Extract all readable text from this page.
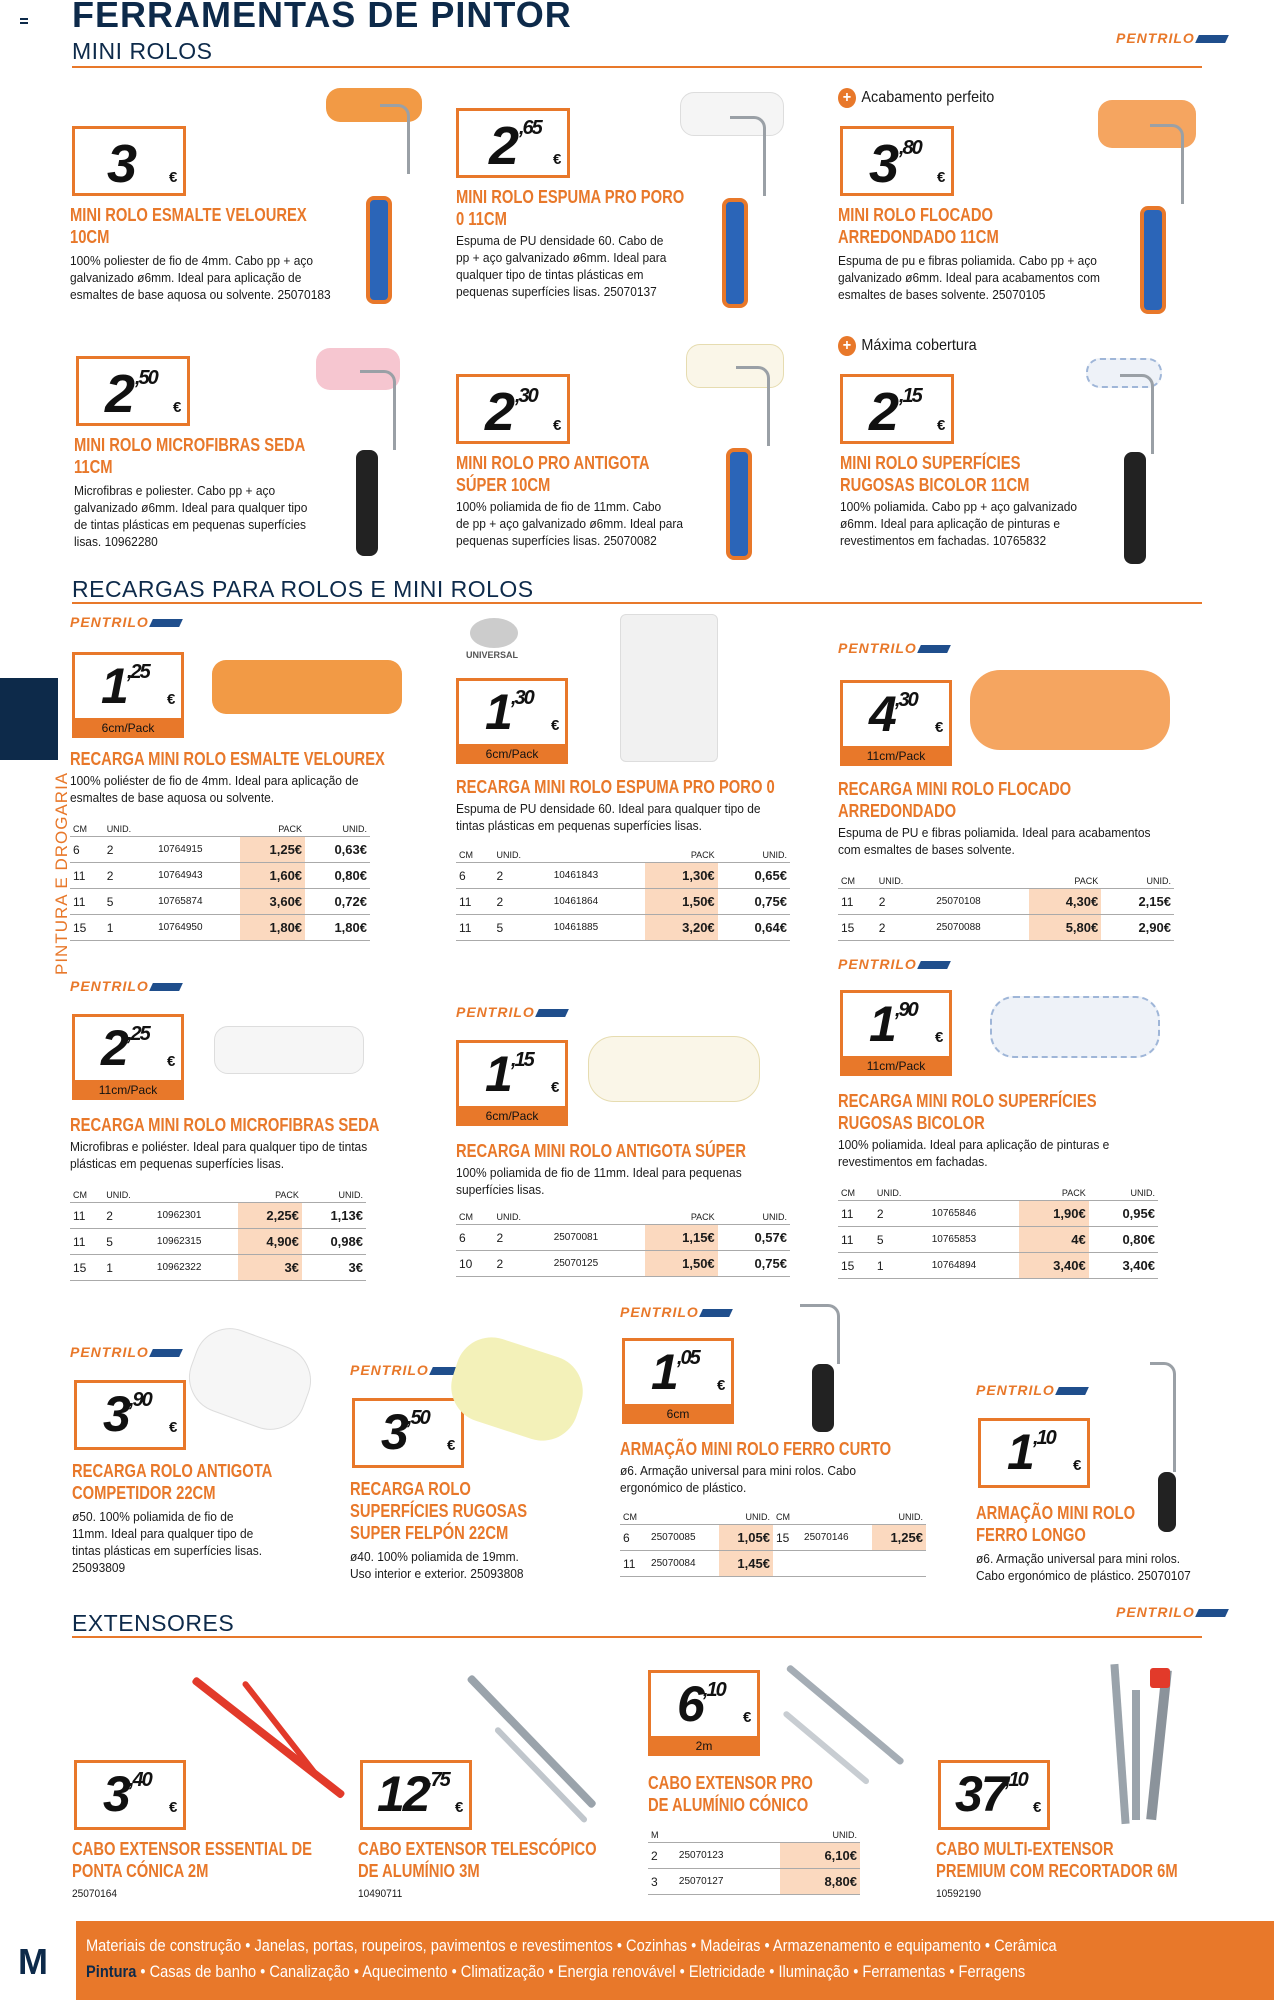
FERRAMENTAS DE PINTOR
MINI ROLOS	PENTRILO
PINTURA E DROGARIA
3 €
MINI ROLO ESMALTE VELOUREX
10CM
100% poliester de fio de 4mm. Cabo pp + aço
galvanizado ø6mm. Ideal para aplicação de
esmaltes de base aquosa ou solvente. 25070183
2 ,65
€
MINI ROLO ESPUMA PRO PORO
0 11CM
Espuma de PU densidade 60. Cabo de
pp + aço galvanizado ø6mm. Ideal para
qualquer tipo de tintas plásticas em
pequenas superfícies lisas. 25070137
+ Acabamento perfeito
3 ,80
€
MINI ROLO FLOCADO
ARREDONDADO 11CM
Espuma de pu e fibras poliamida. Cabo pp + aço
galvanizado ø6mm. Ideal para acabamentos com
esmaltes de bases solvente. 25070105
2 ,50
€
MINI ROLO MICROFIBRAS SEDA
11CM
Microfibras e poliester. Cabo pp + aço
galvanizado ø6mm. Ideal para qualquer tipo
de tintas plásticas em pequenas superfícies
lisas. 10962280
2 ,30
€
MINI ROLO PRO ANTIGOTA
SÚPER 10CM
100% poliamida de fio de 11mm. Cabo
de pp + aço galvanizado ø6mm. Ideal para
pequenas superfícies lisas. 25070082
+ Máxima cobertura
2 ,15
€
MINI ROLO SUPERFÍCIES
RUGOSAS BICOLOR 11CM
100% poliamida. Cabo pp + aço galvanizado
ø6mm. Ideal para aplicação de pinturas e
revestimentos em fachadas. 10765832
RECARGAS PARA ROLOS E MINI ROLOS
PENTRILO
1 ,25
€
6cm/Pack
RECARGA MINI ROLO ESMALTE VELOUREX
100% poliéster de fio de 4mm. Ideal para aplicação de
esmaltes de base aquosa ou solvente.
CM	UNID.		PACK	UNID.
6	2	10764915	1,25€	0,63€
11	2	10764943	1,60€	0,80€
11	5	10765874	3,60€	0,72€
15	1	10764950	1,80€	1,80€
UNIVERSAL
1 ,30
€
6cm/Pack
RECARGA MINI ROLO ESPUMA PRO PORO 0
Espuma de PU densidade 60. Ideal para qualquer tipo de
tintas plásticas em pequenas superfícies lisas.
CM	UNID.		PACK	UNID.
6	2	10461843	1,30€	0,65€
11	2	10461864	1,50€	0,75€
11	5	10461885	3,20€	0,64€
PENTRILO
4 ,30
€
11cm/Pack
RECARGA MINI ROLO FLOCADO
ARREDONDADO
Espuma de PU e fibras poliamida. Ideal para acabamentos
com esmaltes de bases solvente.
CM	UNID.		PACK	UNID.
11	2	25070108	4,30€	2,15€
15	2	25070088	5,80€	2,90€
PENTRILO
2 ,25
€
11cm/Pack
RECARGA MINI ROLO MICROFIBRAS SEDA
Microfibras e poliéster. Ideal para qualquer tipo de tintas
plásticas em pequenas superfícies lisas.
CM	UNID.		PACK	UNID.
11	2	10962301	2,25€	1,13€
11	5	10962315	4,90€	0,98€
15	1	10962322	3€	3€
PENTRILO
1 ,15
€
6cm/Pack
RECARGA MINI ROLO ANTIGOTA SÚPER
100% poliamida de fio de 11mm. Ideal para pequenas
superfícies lisas.
CM	UNID.		PACK	UNID.
6	2	25070081	1,15€	0,57€
10	2	25070125	1,50€	0,75€
PENTRILO
1 ,90
€
11cm/Pack
RECARGA MINI ROLO SUPERFÍCIES
RUGOSAS BICOLOR
100% poliamida. Ideal para aplicação de pinturas e
revestimentos em fachadas.
CM	UNID.		PACK	UNID.
11	2	10765846	1,90€	0,95€
11	5	10765853	4€	0,80€
15	1	10764894	3,40€	3,40€
PENTRILO
3 ,90
€
RECARGA ROLO ANTIGOTA
COMPETIDOR 22CM
ø50. 100% poliamida de fio de
11mm. Ideal para qualquer tipo de
tintas plásticas em superfícies lisas.
25093809
PENTRILO
3 ,50
€
RECARGA ROLO
SUPERFÍCIES RUGOSAS
SUPER FELPÓN 22CM
ø40. 100% poliamida de 19mm.
Uso interior e exterior. 25093808
PENTRILO
1 ,05
€
6cm
ARMAÇÃO MINI ROLO FERRO CURTO
ø6. Armação universal para mini rolos. Cabo
ergonómico de plástico.
CM		UNID.	CM		UNID.
6	25070085	1,05€	15	25070146	1,25€
11	25070084	1,45€			
PENTRILO
1 ,10
€
ARMAÇÃO MINI ROLO
FERRO LONGO
ø6. Armação universal para mini rolos.
Cabo ergonómico de plástico. 25070107
EXTENSORES	PENTRILO
3 ,40
€
CABO EXTENSOR ESSENTIAL DE
PONTA CÓNICA 2M
25070164
12
,75
€
CABO EXTENSOR TELESCÓPICO
DE ALUMÍNIO 3M
10490711
6 ,10
€
2m
CABO EXTENSOR PRO
DE ALUMÍNIO CÓNICO
M		UNID.
2	25070123	6,10€
3	25070127	8,80€
37
,10
€
CABO MULTI-EXTENSOR
PREMIUM COM RECORTADOR 6M
10592190
M Materiais de construção • Janelas, portas, roupeiros, pavimentos e revestimentos • Cozinhas • Madeiras • Armazenamento e equipamento • Cerâmica
Pintura • Casas de banho • Canalização • Aquecimento • Climatização • Energia renovável • Eletricidade • Iluminação • Ferramentas • Ferragens
